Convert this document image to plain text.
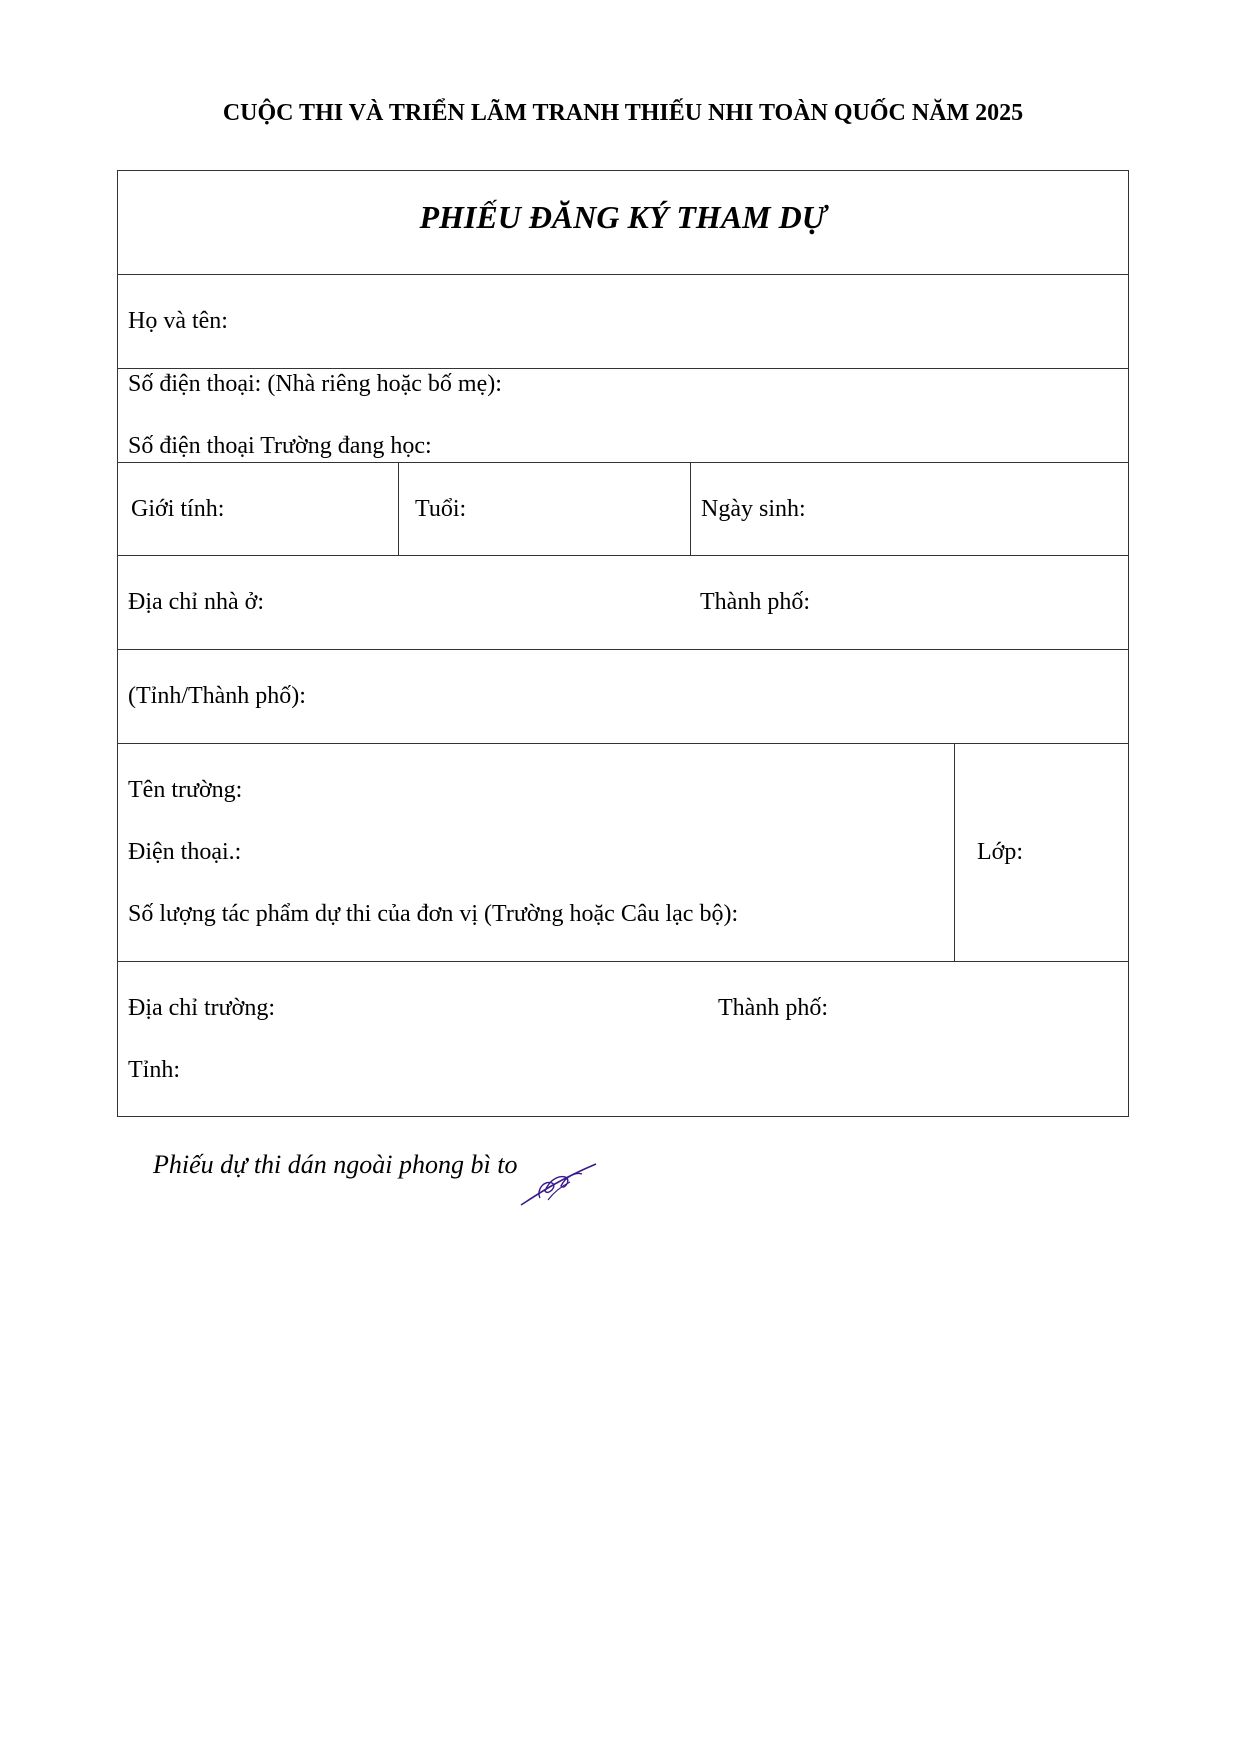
CUỘC THI VÀ TRIỂN LÃM TRANH THIẾU NHI TOÀN QUỐC NĂM 2025
PHIẾU ĐĂNG KÝ THAM DỰ
Họ và tên:
Số điện thoại: (Nhà riêng hoặc bố mẹ):
Số điện thoại Trường đang học:
Giới tính:	Tuổi:	Ngày sinh:
Địa chỉ nhà ở:	Thành phố:
(Tỉnh/Thành phố):
Tên trường:
Điện thoại.:
Số lượng tác phẩm dự thi của đơn vị (Trường hoặc Câu lạc bộ):
Lớp:
Địa chỉ trường:	Thành phố:
Tỉnh:
Phiếu dự thi dán ngoài phong bì to
